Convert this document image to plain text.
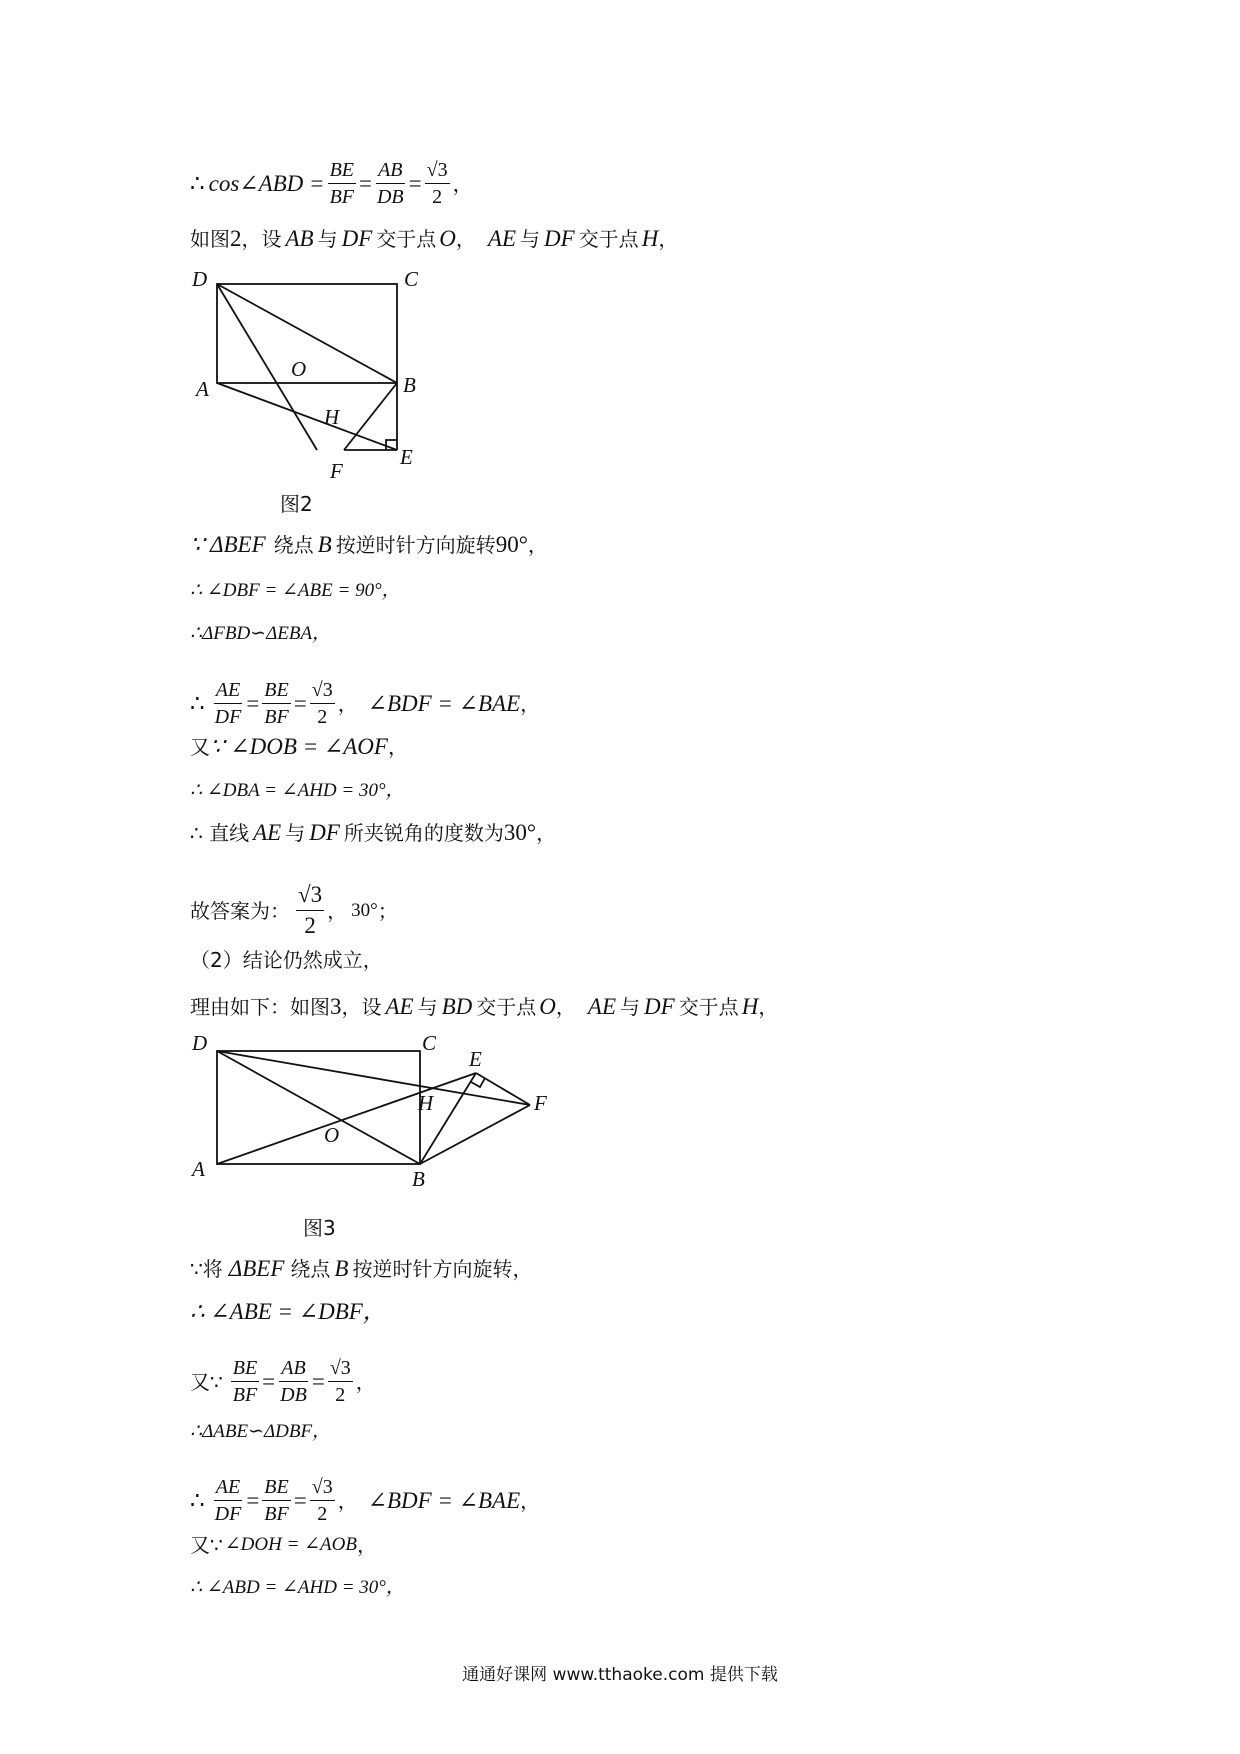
∴ cos∠ABD = $\frac{BE}{BF} = \frac{AB}{DB} = \frac{√3}{2}$ ，
如图 2 ，设 AB 与 DF 交于点 O ， AE 与 DF 交于点 H ，
D	C
A	B
O
H
F
E
图2
∵ ΔBEF 绕点 B 按逆时针方向旋转 90° ，
∴ ∠DBF = ∠ABE = 90°，
∴ΔFBD∽ΔEBA，
∴ $\frac{AE}{DF} = \frac{BE}{BF} = \frac{√3}{2}$ ， ∠BDF = ∠BAE ，
又 ∵ ∠DOB = ∠AOF ，
∴ ∠DBA = ∠AHD = 30°，
∴ 直线 AE 与 DF 所夹锐角的度数为 30° ，
故答案为： $\frac{√3}{2}$ ， 30° ；
（2）结论仍然成立，
理由如下：如图 3 ，设 AE 与 BD 交于点 O ， AE 与 DF 交于点 H ，
D	C
A	B
O
H
E
F
图3
∵将 ΔBEF 绕点 B 按逆时针方向旋转，
∴ ∠ABE = ∠DBF，
又∵ $\frac{BE}{BF} = \frac{AB}{DB} = \frac{√3}{2}$ ，
∴ΔABE∽ΔDBF，
∴ $\frac{AE}{DF} = \frac{BE}{BF} = \frac{√3}{2}$ ， ∠BDF = ∠BAE ，
又∵ ∠DOH = ∠AOB ，
∴ ∠ABD = ∠AHD = 30°，
通通好课网 www.tthaoke.com 提供下载
